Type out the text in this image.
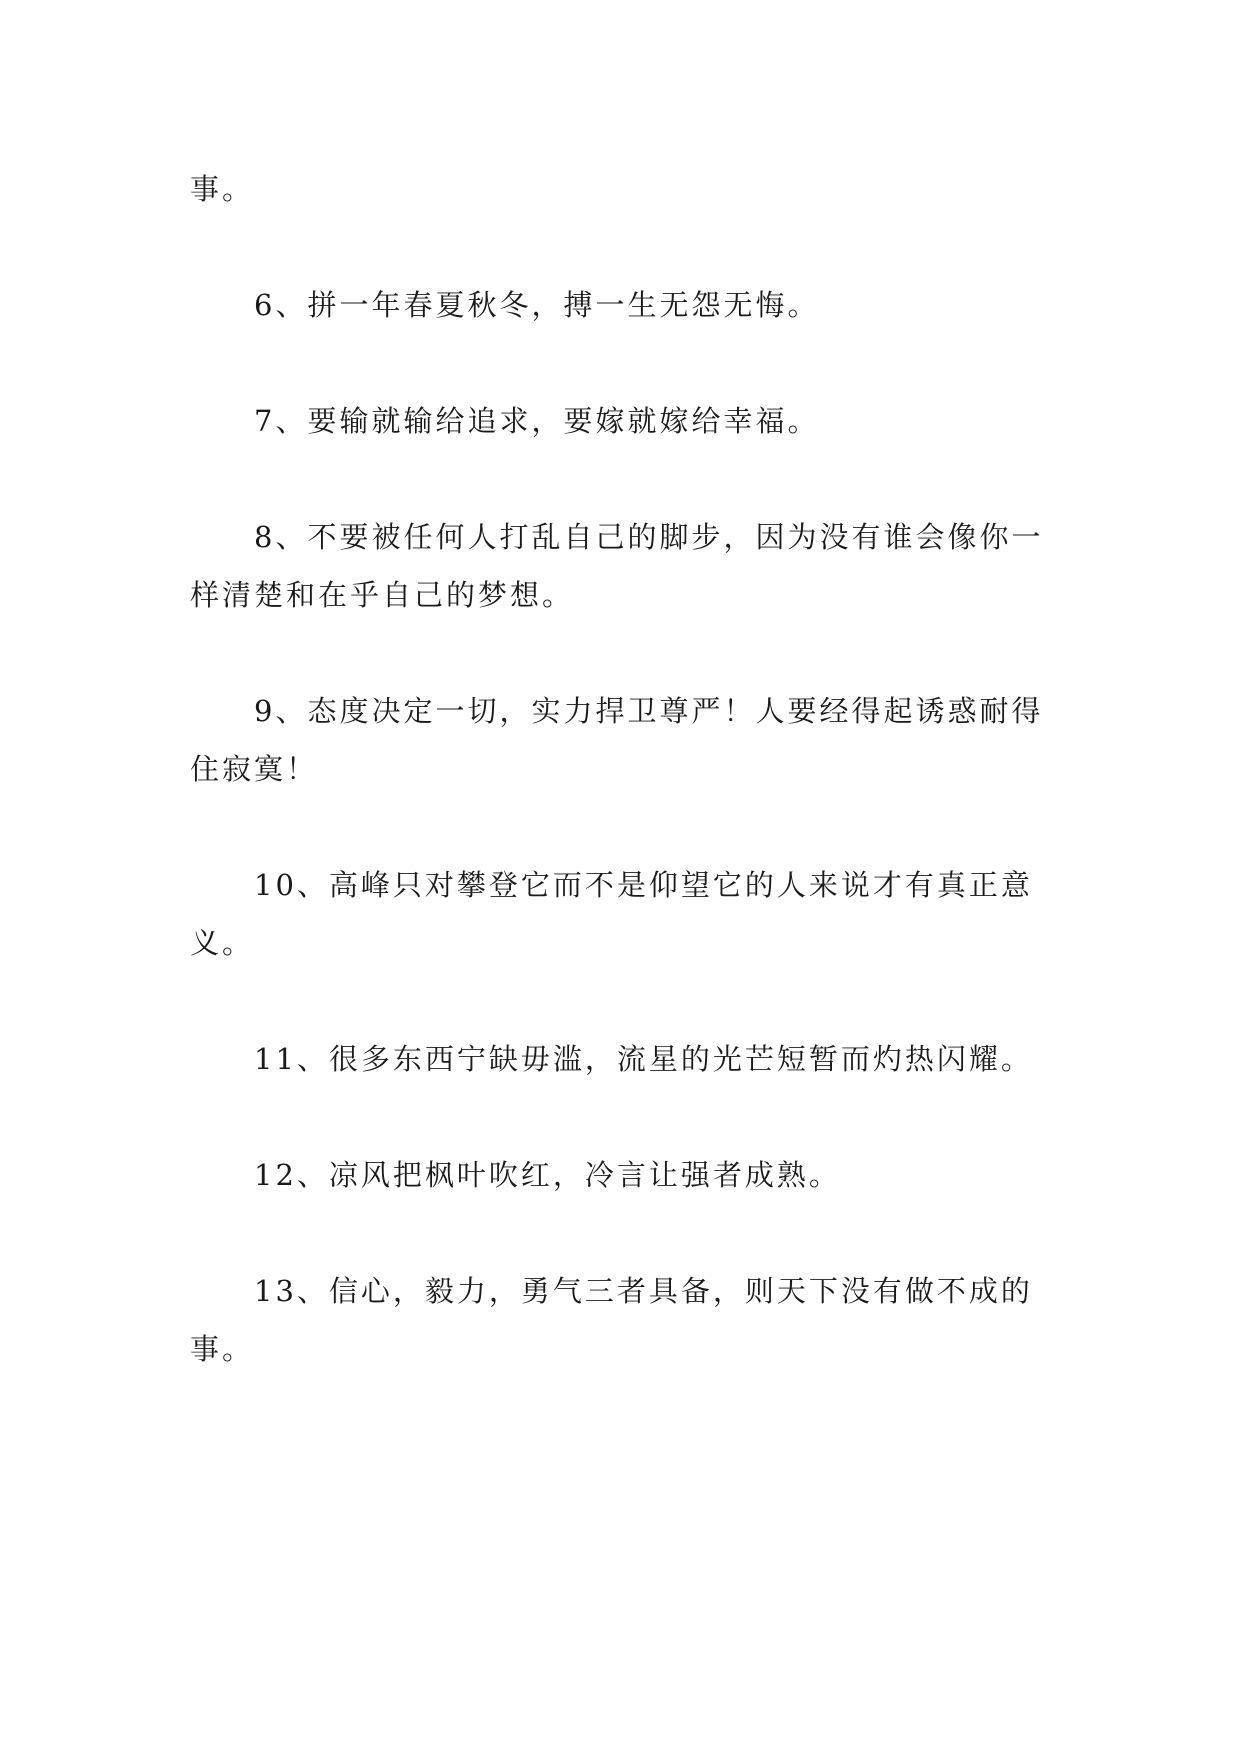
事。

6、拼一年春夏秋冬，搏一生无怨无悔。

7、要输就输给追求，要嫁就嫁给幸福。

8、不要被任何人打乱自己的脚步，因为没有谁会像你一样清楚和在乎自己的梦想。

9、态度决定一切，实力捍卫尊严！人要经得起诱惑耐得住寂寞！

10、高峰只对攀登它而不是仰望它的人来说才有真正意义。

11、很多东西宁缺毋滥，流星的光芒短暂而灼热闪耀。

12、凉风把枫叶吹红，冷言让强者成熟。

13、信心，毅力，勇气三者具备，则天下没有做不成的事。
